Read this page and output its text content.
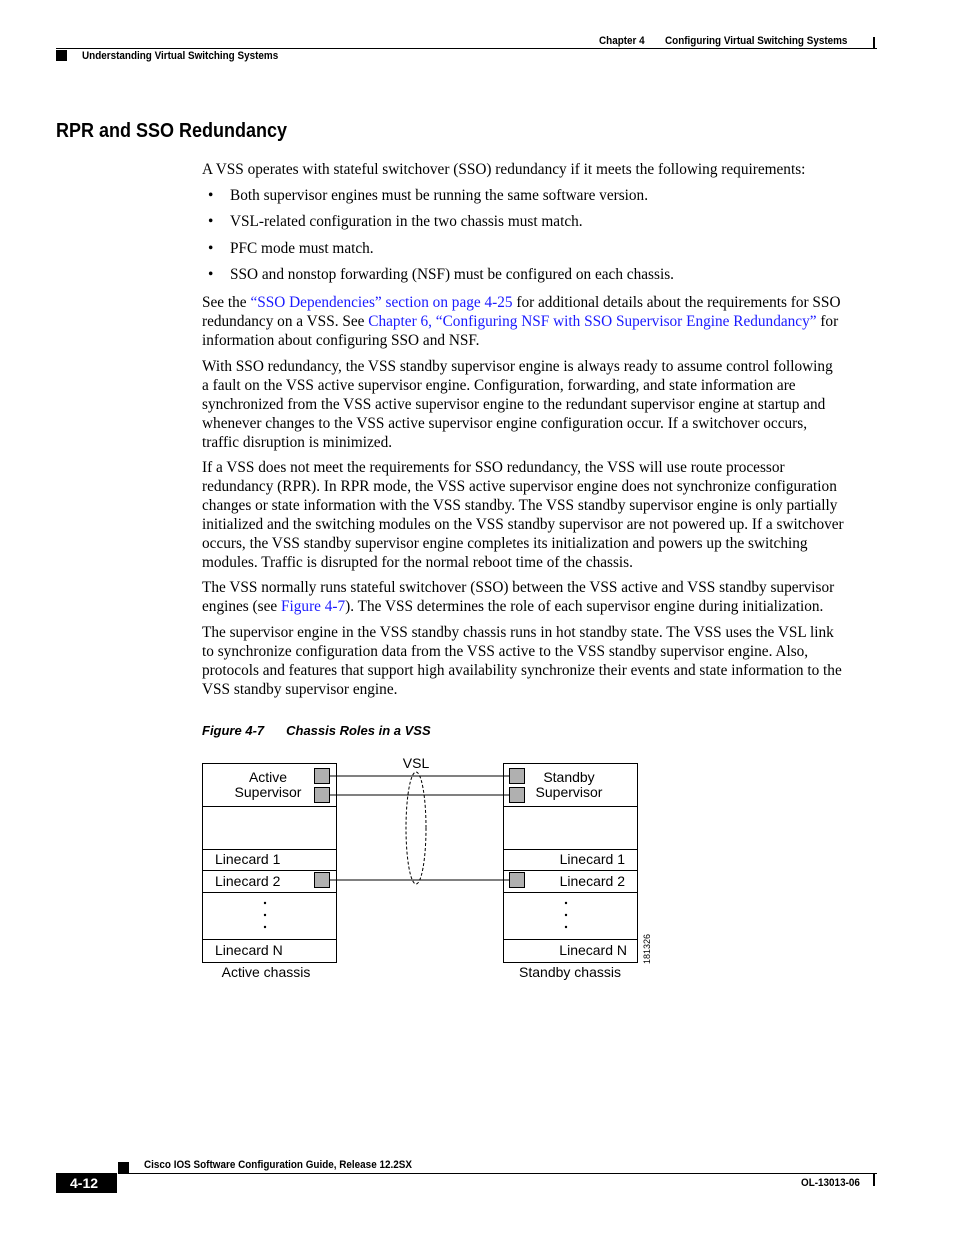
Chapter 4 Configuring Virtual Switching Systems
Understanding Virtual Switching Systems
RPR and SSO Redundancy
A VSS operates with stateful switchover (SSO) redundancy if it meets the following requirements:
• Both supervisor engines must be running the same software version.
• VSL-related configuration in the two chassis must match.
• PFC mode must match.
• SSO and nonstop forwarding (NSF) must be configured on each chassis.
See the “SSO Dependencies” section on page 4-25 for additional details about the requirements for SSO
redundancy on a VSS. See Chapter 6, “Configuring NSF with SSO Supervisor Engine Redundancy” for
information about configuring SSO and NSF.
With SSO redundancy, the VSS standby supervisor engine is always ready to assume control following
a fault on the VSS active supervisor engine. Configuration, forwarding, and state information are
synchronized from the VSS active supervisor engine to the redundant supervisor engine at startup and
whenever changes to the VSS active supervisor engine configuration occur. If a switchover occurs,
traffic disruption is minimized.
If a VSS does not meet the requirements for SSO redundancy, the VSS will use route processor
redundancy (RPR). In RPR mode, the VSS active supervisor engine does not synchronize configuration
changes or state information with the VSS standby. The VSS standby supervisor engine is only partially
initialized and the switching modules on the VSS standby supervisor are not powered up. If a switchover
occurs, the VSS standby supervisor engine completes its initialization and powers up the switching
modules. Traffic is disrupted for the normal reboot time of the chassis.
The VSS normally runs stateful switchover (SSO) between the VSS active and VSS standby supervisor
engines (see Figure 4-7). The VSS determines the role of each supervisor engine during initialization.
The supervisor engine in the VSS standby chassis runs in hot standby state. The VSS uses the VSL link
to synchronize configuration data from the VSS active to the VSS standby supervisor engine. Also,
protocols and features that support high availability synchronize their events and state information to the
VSS standby supervisor engine.
Figure 4-7 Chassis Roles in a VSS
Active
Supervisor
Linecard 1
Linecard 2
Linecard N
Active chassis
Standby
Supervisor
Linecard 1
Linecard 2
Linecard N
Standby chassis
VSL
181326
Cisco IOS Software Configuration Guide, Release 12.2SX
4-12	OL-13013-06
